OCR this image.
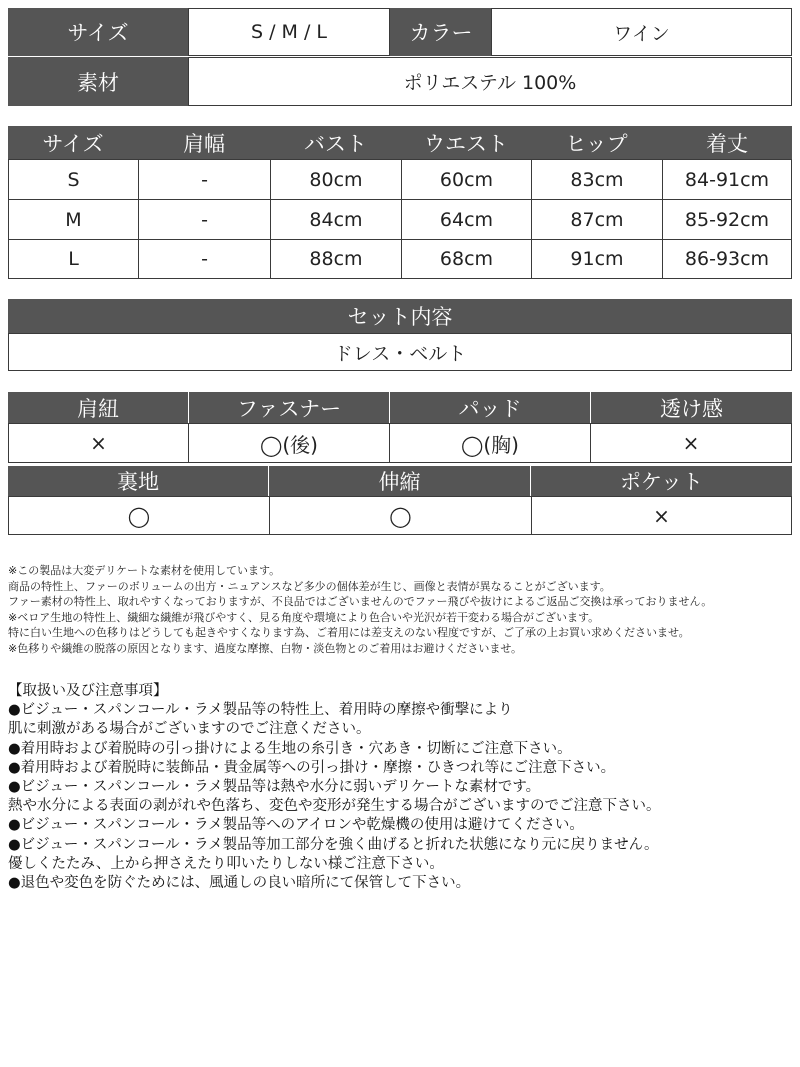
サイズ	S / M / L	カラー	ワイン
素材	ポリエステル 100%
サイズ	肩幅	バスト	ウエスト	ヒップ	着丈
S	-	80cm	60cm	83cm	84-91cm
M	-	84cm	64cm	87cm	85-92cm
L	-	88cm	68cm	91cm	86-93cm
セット内容
ドレス・ベルト
肩紐	ファスナー	パッド	透け感
×	◯(後)	◯(胸)	×
裏地	伸縮	ポケット
◯	◯	×
※この製品は大変デリケートな素材を使用しています。
商品の特性上、ファーのボリュームの出方・ニュアンスなど多少の個体差が生じ、画像と表情が異なることがございます。
ファー素材の特性上、取れやすくなっておりますが、不良品ではございませんのでファー飛びや抜けによるご返品ご交換は承っておりません。
※ベロア生地の特性上、繊細な繊維が飛びやすく、見る角度や環境により色合いや光沢が若干変わる場合がございます。
特に白い生地への色移りはどうしても起きやすくなります為、ご着用には差支えのない程度ですが、ご了承の上お買い求めくださいませ。
※色移りや繊維の脱落の原因となります、過度な摩擦、白物・淡色物とのご着用はお避けくださいませ。
【取扱い及び注意事項】
●ビジュー・スパンコール・ラメ製品等の特性上、着用時の摩擦や衝撃により
肌に刺激がある場合がございますのでご注意ください。
●着用時および着脱時の引っ掛けによる生地の糸引き・穴あき・切断にご注意下さい。
●着用時および着脱時に装飾品・貴金属等への引っ掛け・摩擦・ひきつれ等にご注意下さい。
●ビジュー・スパンコール・ラメ製品等は熱や水分に弱いデリケートな素材です。
熱や水分による表面の剥がれや色落ち、変色や変形が発生する場合がございますのでご注意下さい。
●ビジュー・スパンコール・ラメ製品等へのアイロンや乾燥機の使用は避けてください。
●ビジュー・スパンコール・ラメ製品等加工部分を強く曲げると折れた状態になり元に戻りません。
優しくたたみ、上から押さえたり叩いたりしない様ご注意下さい。
●退色や変色を防ぐためには、風通しの良い暗所にて保管して下さい。
